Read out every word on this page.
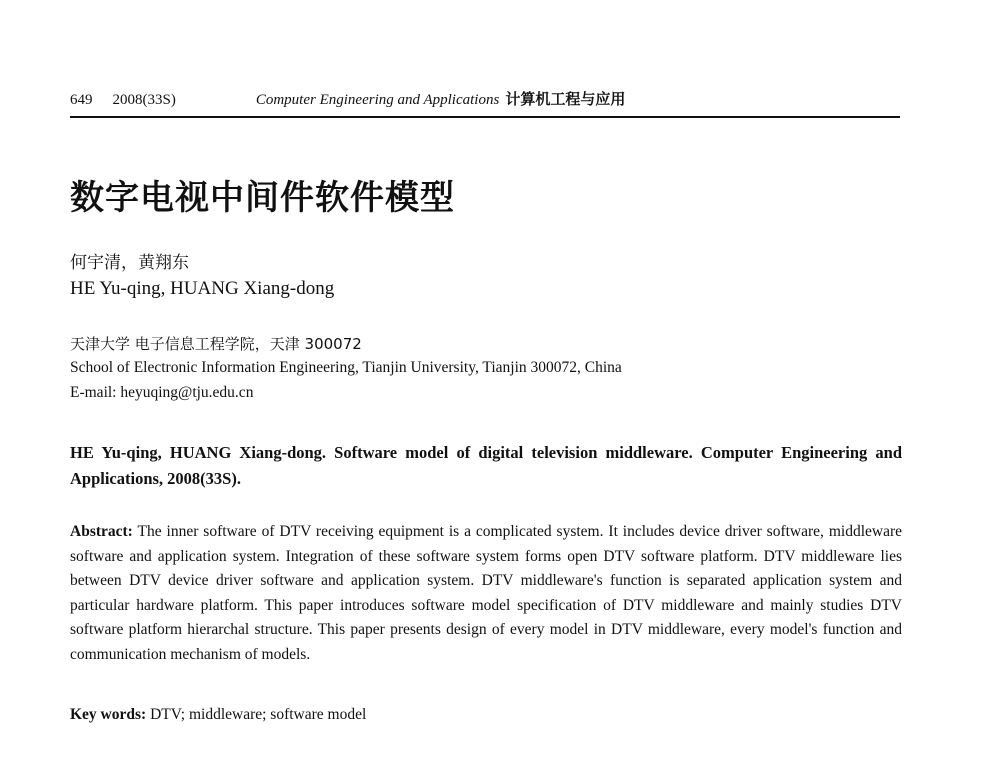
649 2008(33S)	Computer Engineering and Applications 计算机工程与应用
数字电视中间件软件模型
何宇清，黄翔东
HE Yu-qing, HUANG Xiang-dong
天津大学 电子信息工程学院，天津 300072
School of Electronic Information Engineering, Tianjin University, Tianjin 300072, China
E-mail: heyuqing@tju.edu.cn
HE Yu-qing, HUANG Xiang-dong. Software model of digital television middleware. Computer Engineering and Applications, 2008(33S).
Abstract: The inner software of DTV receiving equipment is a complicated system. It includes device driver software, middleware software and application system. Integration of these software system forms open DTV software platform. DTV middleware lies between DTV device driver software and application system. DTV middleware's function is separated application system and particular hardware platform. This paper introduces software model specification of DTV middleware and mainly studies DTV software platform hierarchal structure. This paper presents design of every model in DTV middleware, every model's function and communication mechanism of models.
Key words: DTV; middleware; software model
